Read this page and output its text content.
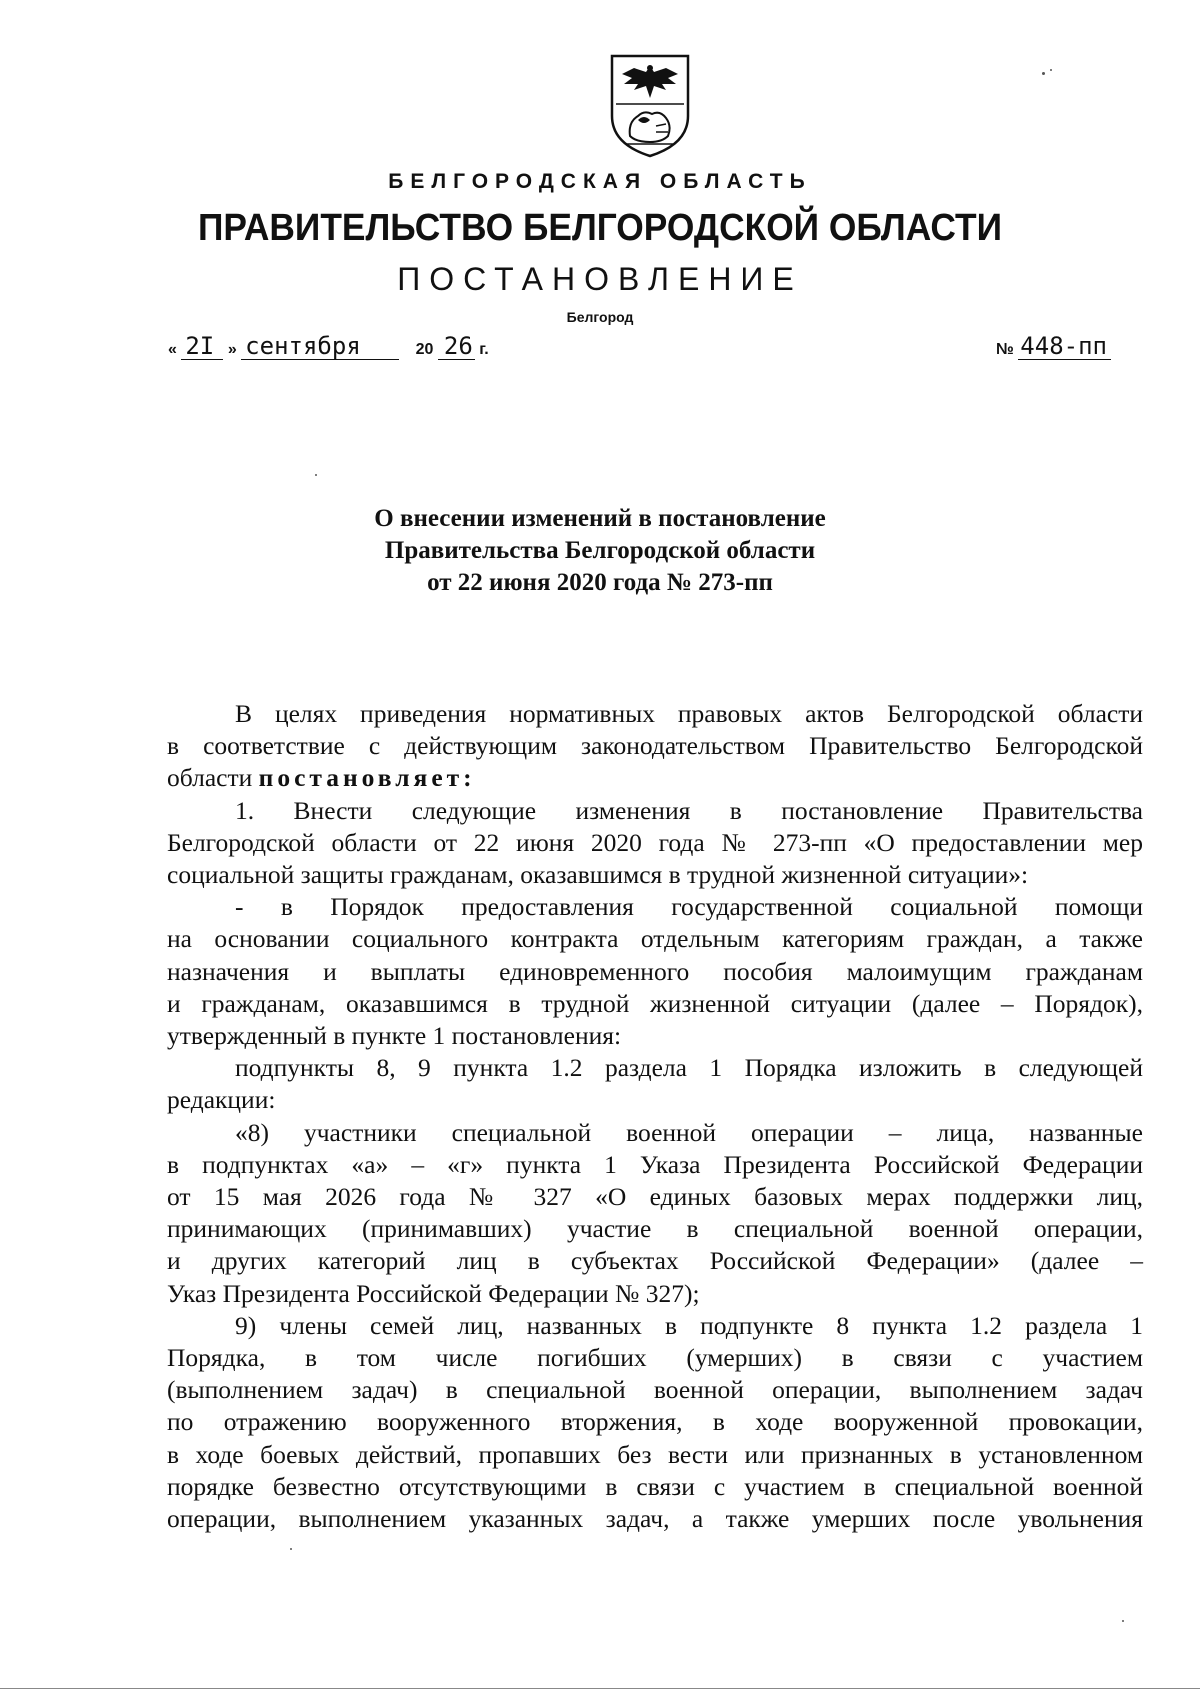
БЕЛГОРОДСКАЯ ОБЛАСТЬ
ПРАВИТЕЛЬСТВО БЕЛГОРОДСКОЙ ОБЛАСТИ
ПОСТАНОВЛЕНИЕ
Белгород
« 2I » сентября	20 26 г.	№ 448-пп
О внесении изменений в постановление
Правительства Белгородской области
от 22 июня 2020 года № 273-пп

В целях приведения нормативных правовых актов Белгородской области

в соответствие с действующим законодательством Правительство Белгородской

области постановляет:

1. Внести следующие изменения в постановление Правительства

Белгородской области от 22 июня 2020 года № 273-пп «О предоставлении мер

социальной защиты гражданам, оказавшимся в трудной жизненной ситуации»:

- в Порядок предоставления государственной социальной помощи

на основании социального контракта отдельным категориям граждан, а также

назначения и выплаты единовременного пособия малоимущим гражданам

и гражданам, оказавшимся в трудной жизненной ситуации (далее – Порядок),

утвержденный в пункте 1 постановления:

подпункты 8, 9 пункта 1.2 раздела 1 Порядка изложить в следующей

редакции:

«8) участники специальной военной операции – лица, названные

в подпунктах «а» – «г» пункта 1 Указа Президента Российской Федерации

от 15 мая 2026 года № 327 «О единых базовых мерах поддержки лиц,

принимающих (принимавших) участие в специальной военной операции,

и других категорий лиц в субъектах Российской Федерации» (далее –

Указ Президента Российской Федерации № 327);

9) члены семей лиц, названных в подпункте 8 пункта 1.2 раздела 1

Порядка, в том числе погибших (умерших) в связи с участием

(выполнением задач) в специальной военной операции, выполнением задач

по отражению вооруженного вторжения, в ходе вооруженной провокации,

в ходе боевых действий, пропавших без вести или признанных в установленном

порядке безвестно отсутствующими в связи с участием в специальной военной

операции, выполнением указанных задач, а также умерших после увольнения
